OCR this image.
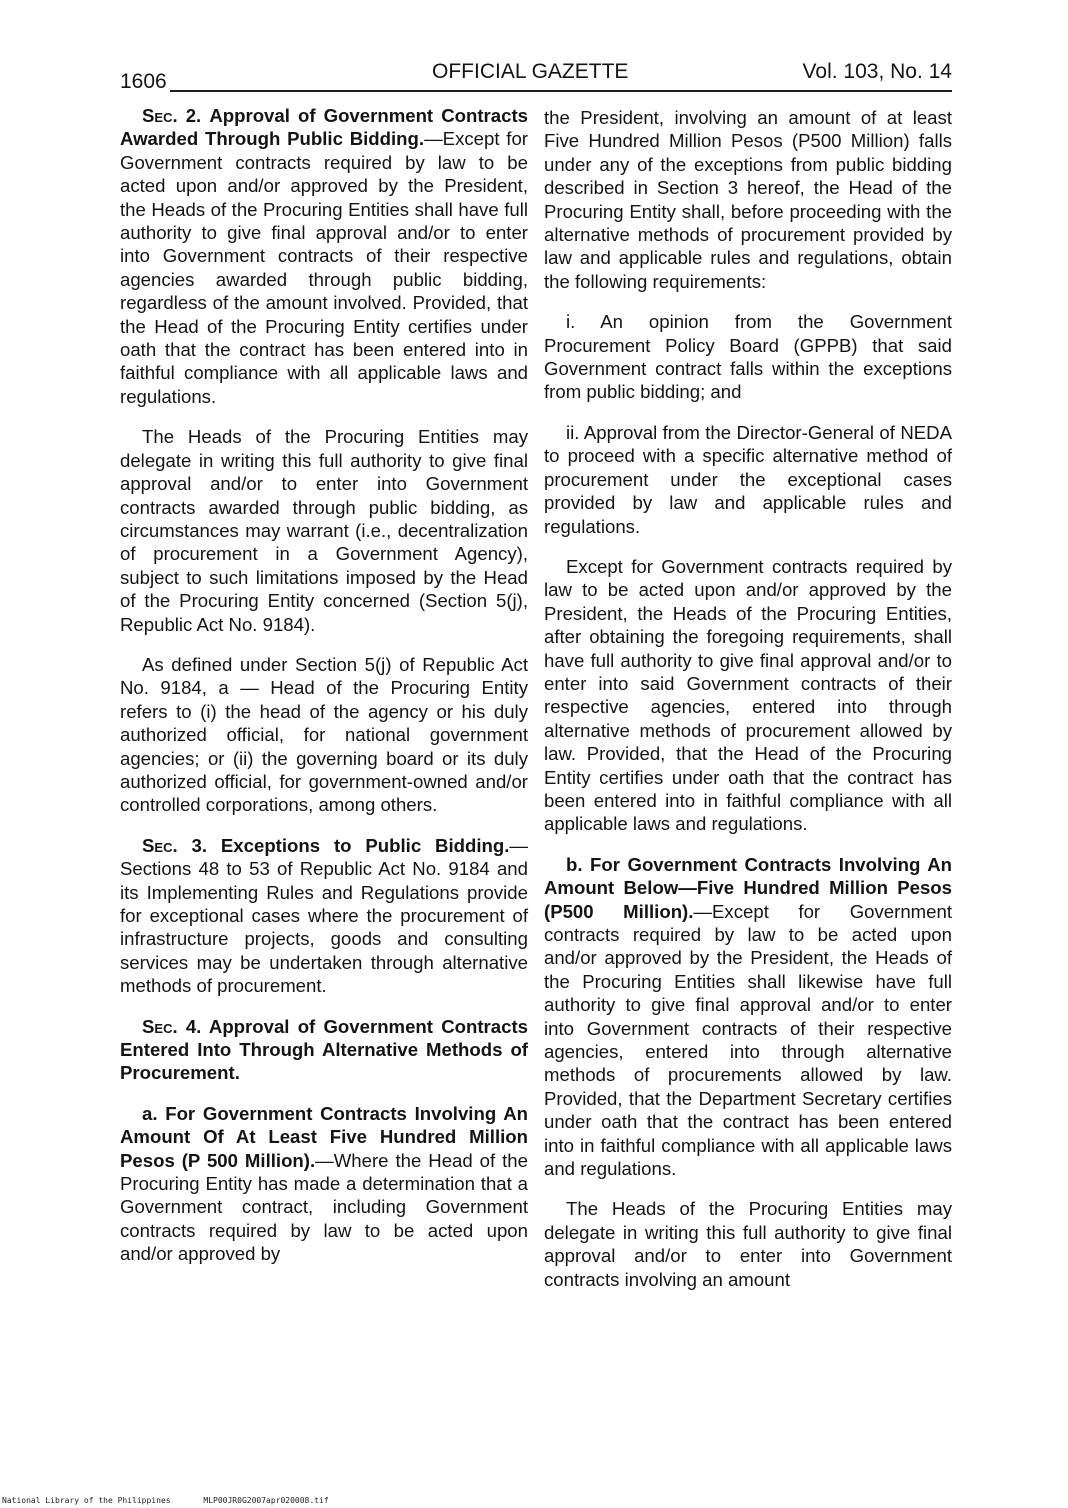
1606	OFFICIAL GAZETTE	Vol. 103, No. 14

Sec. 2. Approval of Government Contracts Awarded Through Public Bidding.—Except for Government contracts required by law to be acted upon and/or approved by the President, the Heads of the Procuring Entities shall have full authority to give final approval and/or to enter into Government contracts of their respective agencies awarded through public bidding, regardless of the amount involved. Provided, that the Head of the Procuring Entity certifies under oath that the contract has been entered into in faithful compliance with all applicable laws and regulations.

The Heads of the Procuring Entities may delegate in writing this full authority to give final approval and/or to enter into Government contracts awarded through public bidding, as circumstances may warrant (i.e., decentralization of procurement in a Government Agency), subject to such limitations imposed by the Head of the Procuring Entity concerned (Section 5(j), Republic Act No. 9184).

As defined under Section 5(j) of Republic Act No. 9184, a — Head of the Procuring Entity refers to (i) the head of the agency or his duly authorized official, for national government agencies; or (ii) the governing board or its duly authorized official, for government-owned and/or controlled corporations, among others.

Sec. 3. Exceptions to Public Bidding.—Sections 48 to 53 of Republic Act No. 9184 and its Implementing Rules and Regulations provide for exceptional cases where the procurement of infrastructure projects, goods and consulting services may be undertaken through alternative methods of procurement.

Sec. 4. Approval of Government Contracts Entered Into Through Alternative Methods of Procurement.

a. For Government Contracts Involving An Amount Of At Least Five Hundred Million Pesos (P 500 Million).—Where the Head of the Procuring Entity has made a determination that a Government contract, including Government contracts required by law to be acted upon and/or approved by

the President, involving an amount of at least Five Hundred Million Pesos (P500 Million) falls under any of the exceptions from public bidding described in Section 3 hereof, the Head of the Procuring Entity shall, before proceeding with the alternative methods of procurement provided by law and applicable rules and regulations, obtain the following requirements:

i. An opinion from the Government Procurement Policy Board (GPPB) that said Government contract falls within the exceptions from public bidding; and

ii. Approval from the Director-General of NEDA to proceed with a specific alternative method of procurement under the exceptional cases provided by law and applicable rules and regulations.

Except for Government contracts required by law to be acted upon and/or approved by the President, the Heads of the Procuring Entities, after obtaining the foregoing requirements, shall have full authority to give final approval and/or to enter into said Government contracts of their respective agencies, entered into through alternative methods of procurement allowed by law. Provided, that the Head of the Procuring Entity certifies under oath that the contract has been entered into in faithful compliance with all applicable laws and regulations.

b. For Government Contracts Involving An Amount Below—Five Hundred Million Pesos (P500 Million).—Except for Government contracts required by law to be acted upon and/or approved by the President, the Heads of the Procuring Entities shall likewise have full authority to give final approval and/or to enter into Government contracts of their respective agencies, entered into through alternative methods of procurements allowed by law. Provided, that the Department Secretary certifies under oath that the contract has been entered into in faithful compliance with all applicable laws and regulations.

The Heads of the Procuring Entities may delegate in writing this full authority to give final approval and/or to enter into Government contracts involving an amount

National Library of the Philippines	MLP00JR0G2007apr020008.tif
